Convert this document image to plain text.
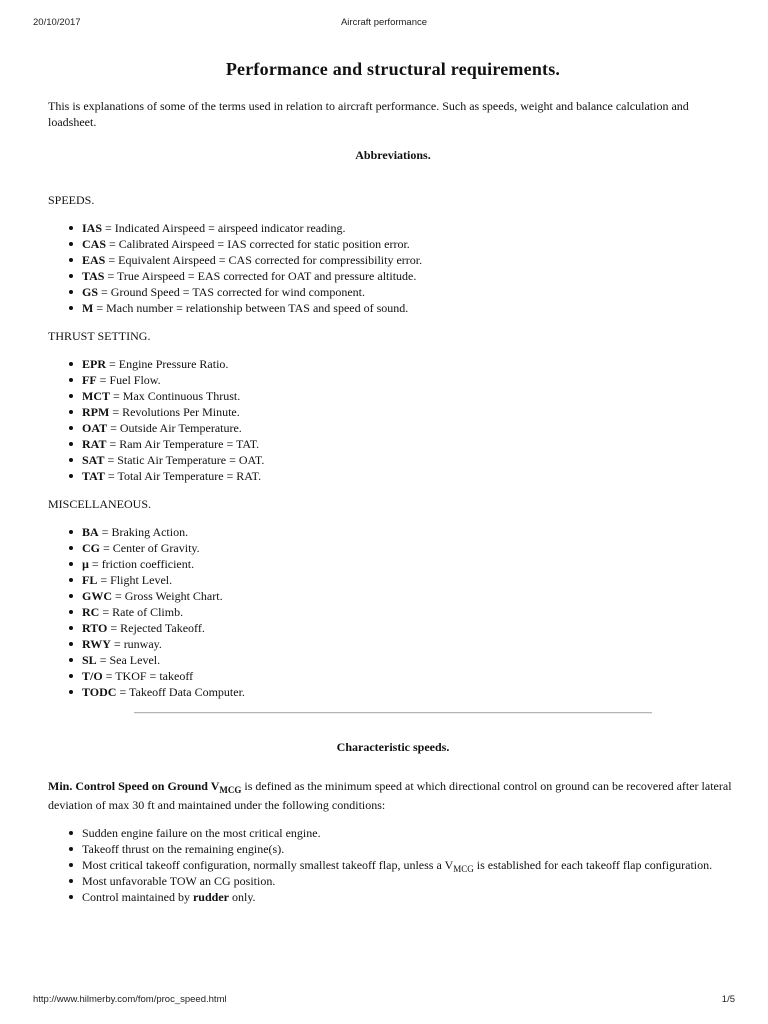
20/10/2017	Aircraft performance
Performance and structural requirements.

This is explanations of some of the terms used in relation to aircraft performance. Such as speeds, weight and balance calculation and loadsheet.

Abbreviations.

SPEEDS.

IAS = Indicated Airspeed = airspeed indicator reading.
CAS = Calibrated Airspeed = IAS corrected for static position error.
EAS = Equivalent Airspeed = CAS corrected for compressibility error.
TAS = True Airspeed = EAS corrected for OAT and pressure altitude.
GS = Ground Speed = TAS corrected for wind component.
M = Mach number = relationship between TAS and speed of sound.

THRUST SETTING.

EPR = Engine Pressure Ratio.
FF = Fuel Flow.
MCT = Max Continuous Thrust.
RPM = Revolutions Per Minute.
OAT = Outside Air Temperature.
RAT = Ram Air Temperature = TAT.
SAT = Static Air Temperature = OAT.
TAT = Total Air Temperature = RAT.

MISCELLANEOUS.

BA = Braking Action.
CG = Center of Gravity.
µ = friction coefficient.
FL = Flight Level.
GWC = Gross Weight Chart.
RC = Rate of Climb.
RTO = Rejected Takeoff.
RWY = runway.
SL = Sea Level.
T/O = TKOF = takeoff
TODC = Takeoff Data Computer.

Characteristic speeds.

Min. Control Speed on Ground $V_{MCG}$ is defined as the minimum speed at which directional control on ground can be recovered after lateral deviation of max 30 ft and maintained under the following conditions:

Sudden engine failure on the most critical engine.
Takeoff thrust on the remaining engine(s).
Most critical takeoff configuration, normally smallest takeoff flap, unless a $V_{MCG}$ is established for each takeoff flap configuration.
Most unfavorable TOW an CG position.
Control maintained by rudder only.
http://www.hilmerby.com/fom/proc_speed.html	1/5
